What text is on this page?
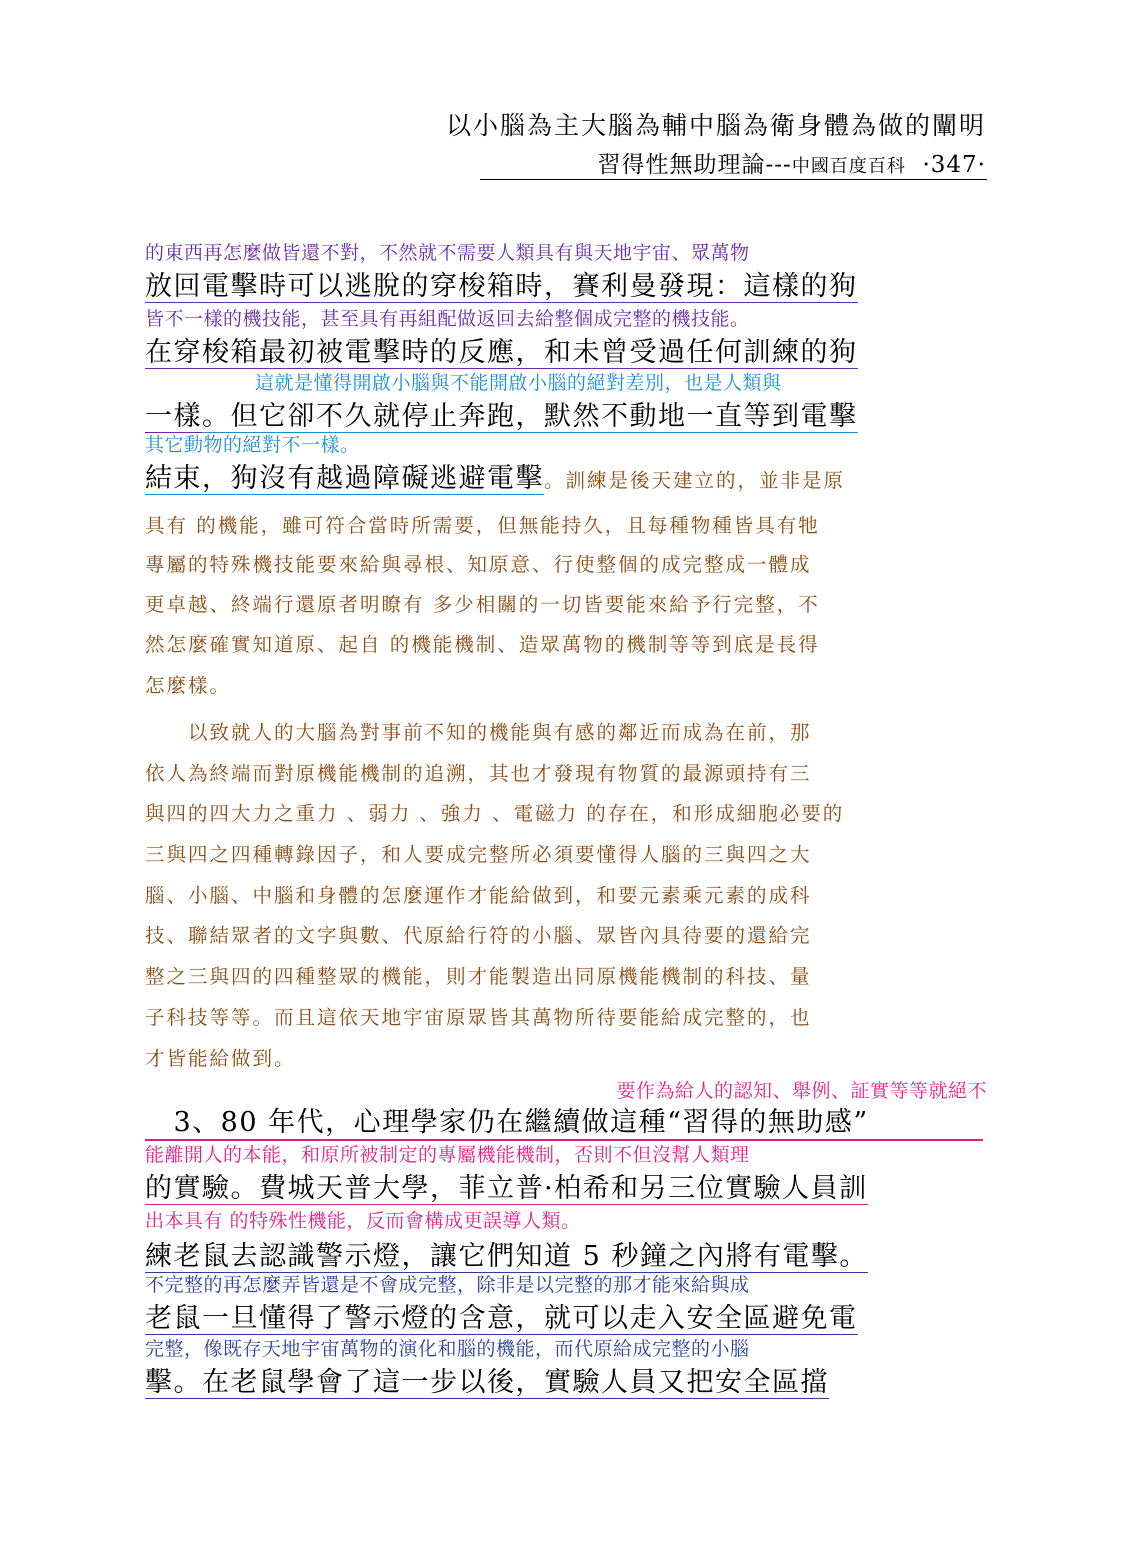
以小腦為主大腦為輔中腦為衛身體為做的闡明
習得性無助理論---中國百度百科 ·347·
的東西再怎麼做皆還不對，不然就不需要人類具有與天地宇宙、眾萬物
放回電擊時可以逃脫的穿梭箱時，賽利曼發現：這樣的狗
皆不一樣的機技能，甚至具有再組配做返回去給整個成完整的機技能。
在穿梭箱最初被電擊時的反應，和未曾受過任何訓練的狗
這就是懂得開啟小腦與不能開啟小腦的絕對差別，也是人類與
一樣。但它卻不久就停止奔跑，默然不動地一直等到電擊
其它動物的絕對不一樣。
結束，狗沒有越過障礙逃避電擊。訓練是後天建立的，並非是原
具有 的機能，雖可符合當時所需要，但無能持久，且每種物種皆具有牠
專屬的特殊機技能要來給與尋根、知原意、行使整個的成完整成一體成
更卓越、終端行還原者明瞭有 多少相關的一切皆要能來給予行完整，不
然怎麼確實知道原、起自 的機能機制、造眾萬物的機制等等到底是長得
怎麼樣。
　　以致就人的大腦為對事前不知的機能與有感的鄰近而成為在前，那
依人為終端而對原機能機制的追溯，其也才發現有物質的最源頭持有三
與四的四大力之重力 、弱力 、強力 、電磁力 的存在，和形成細胞必要的
三與四之四種轉錄因子，和人要成完整所必須要懂得人腦的三與四之大
腦、小腦、中腦和身體的怎麼運作才能給做到，和要元素乘元素的成科
技、聯結眾者的文字與數、代原給行符的小腦、眾皆內具待要的還給完
整之三與四的四種整眾的機能，則才能製造出同原機能機制的科技、量
子科技等等。而且這依天地宇宙原眾皆其萬物所待要能給成完整的，也
才皆能給做到。
要作為給人的認知、舉例、証實等等就絕不
　3、80 年代，心理學家仍在繼續做這種“習得的無助感”
能離開人的本能，和原所被制定的專屬機能機制，否則不但沒幫人類理
的實驗。費城天普大學，菲立普·柏希和另三位實驗人員訓
出本具有 的特殊性機能，反而會構成更誤導人類。
練老鼠去認識警示燈，讓它們知道 5 秒鐘之內將有電擊。
不完整的再怎麼弄皆還是不會成完整，除非是以完整的那才能來給與成
老鼠一旦懂得了警示燈的含意，就可以走入安全區避免電
完整，像既存天地宇宙萬物的演化和腦的機能，而代原給成完整的小腦
擊。在老鼠學會了這一步以後，實驗人員又把安全區擋
